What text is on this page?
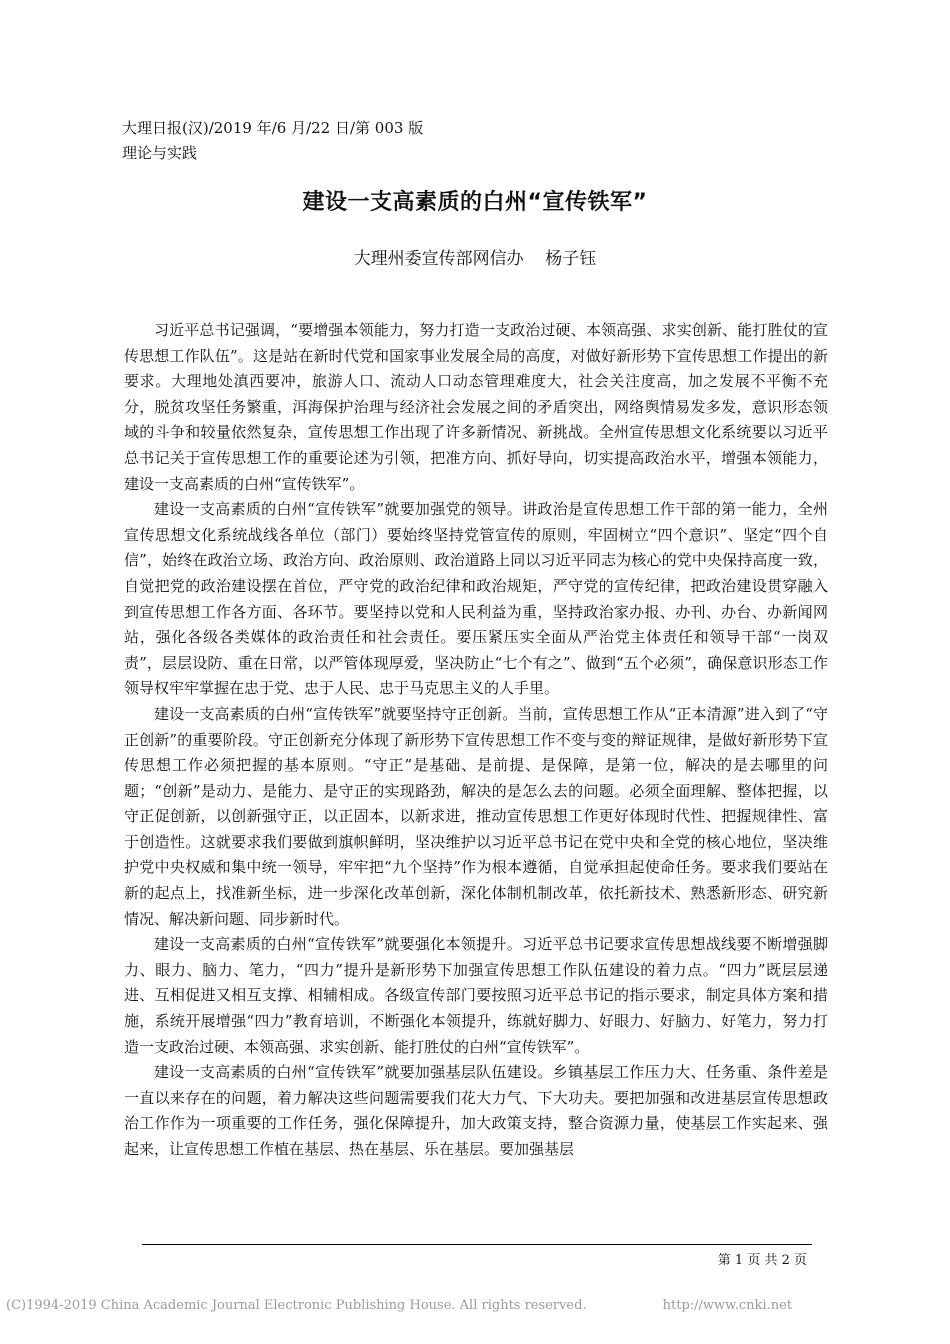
大理日报(汉)/2019 年/6 月/22 日/第 003 版
理论与实践
建设一支高素质的白州“宣传铁军”
大理州委宣传部网信办    杨子钰

习近平总书记强调，“要增强本领能力，努力打造一支政治过硬、本领高强、求实创新、能打胜仗的宣传思想工作队伍”。这是站在新时代党和国家事业发展全局的高度，对做好新形势下宣传思想工作提出的新要求。大理地处滇西要冲，旅游人口、流动人口动态管理难度大，社会关注度高，加之发展不平衡不充分，脱贫攻坚任务繁重，洱海保护治理与经济社会发展之间的矛盾突出，网络舆情易发多发，意识形态领域的斗争和较量依然复杂，宣传思想工作出现了许多新情况、新挑战。全州宣传思想文化系统要以习近平总书记关于宣传思想工作的重要论述为引领，把准方向、抓好导向，切实提高政治水平，增强本领能力，建设一支高素质的白州“宣传铁军”。

建设一支高素质的白州“宣传铁军”就要加强党的领导。讲政治是宣传思想工作干部的第一能力，全州宣传思想文化系统战线各单位（部门）要始终坚持党管宣传的原则，牢固树立“四个意识”、坚定“四个自信”，始终在政治立场、政治方向、政治原则、政治道路上同以习近平同志为核心的党中央保持高度一致，自觉把党的政治建设摆在首位，严守党的政治纪律和政治规矩，严守党的宣传纪律，把政治建设贯穿融入到宣传思想工作各方面、各环节。要坚持以党和人民利益为重，坚持政治家办报、办刊、办台、办新闻网站，强化各级各类媒体的政治责任和社会责任。要压紧压实全面从严治党主体责任和领导干部“一岗双责”，层层设防、重在日常，以严管体现厚爱，坚决防止“七个有之”、做到“五个必须”，确保意识形态工作领导权牢牢掌握在忠于党、忠于人民、忠于马克思主义的人手里。

建设一支高素质的白州“宣传铁军”就要坚持守正创新。当前，宣传思想工作从“正本清源”进入到了“守正创新”的重要阶段。守正创新充分体现了新形势下宣传思想工作不变与变的辩证规律，是做好新形势下宣传思想工作必须把握的基本原则。“守正”是基础、是前提、是保障，是第一位，解决的是去哪里的问题；“创新”是动力、是能力、是守正的实现路劲，解决的是怎么去的问题。必须全面理解、整体把握，以守正促创新，以创新强守正，以正固本，以新求进，推动宣传思想工作更好体现时代性、把握规律性、富于创造性。这就要求我们要做到旗帜鲜明，坚决维护以习近平总书记在党中央和全党的核心地位，坚决维护党中央权威和集中统一领导，牢牢把“九个坚持”作为根本遵循，自觉承担起使命任务。要求我们要站在新的起点上，找准新坐标，进一步深化改革创新，深化体制机制改革，依托新技术、熟悉新形态、研究新情况、解决新问题、同步新时代。

建设一支高素质的白州“宣传铁军”就要强化本领提升。习近平总书记要求宣传思想战线要不断增强脚力、眼力、脑力、笔力，“四力”提升是新形势下加强宣传思想工作队伍建设的着力点。“四力”既层层递进、互相促进又相互支撑、相辅相成。各级宣传部门要按照习近平总书记的指示要求，制定具体方案和措施，系统开展增强“四力”教育培训，不断强化本领提升，练就好脚力、好眼力、好脑力、好笔力，努力打造一支政治过硬、本领高强、求实创新、能打胜仗的白州“宣传铁军”。

建设一支高素质的白州“宣传铁军”就要加强基层队伍建设。乡镇基层工作压力大、任务重、条件差是一直以来存在的问题，着力解决这些问题需要我们花大力气、下大功夫。要把加强和改进基层宣传思想政治工作作为一项重要的工作任务，强化保障提升，加大政策支持，整合资源力量，使基层工作实起来、强起来，让宣传思想工作植在基层、热在基层、乐在基层。要加强基层

第 1 页 共 2 页
(C)1994-2019 China Academic Journal Electronic Publishing House. All rights reserved.	http://www.cnki.net
